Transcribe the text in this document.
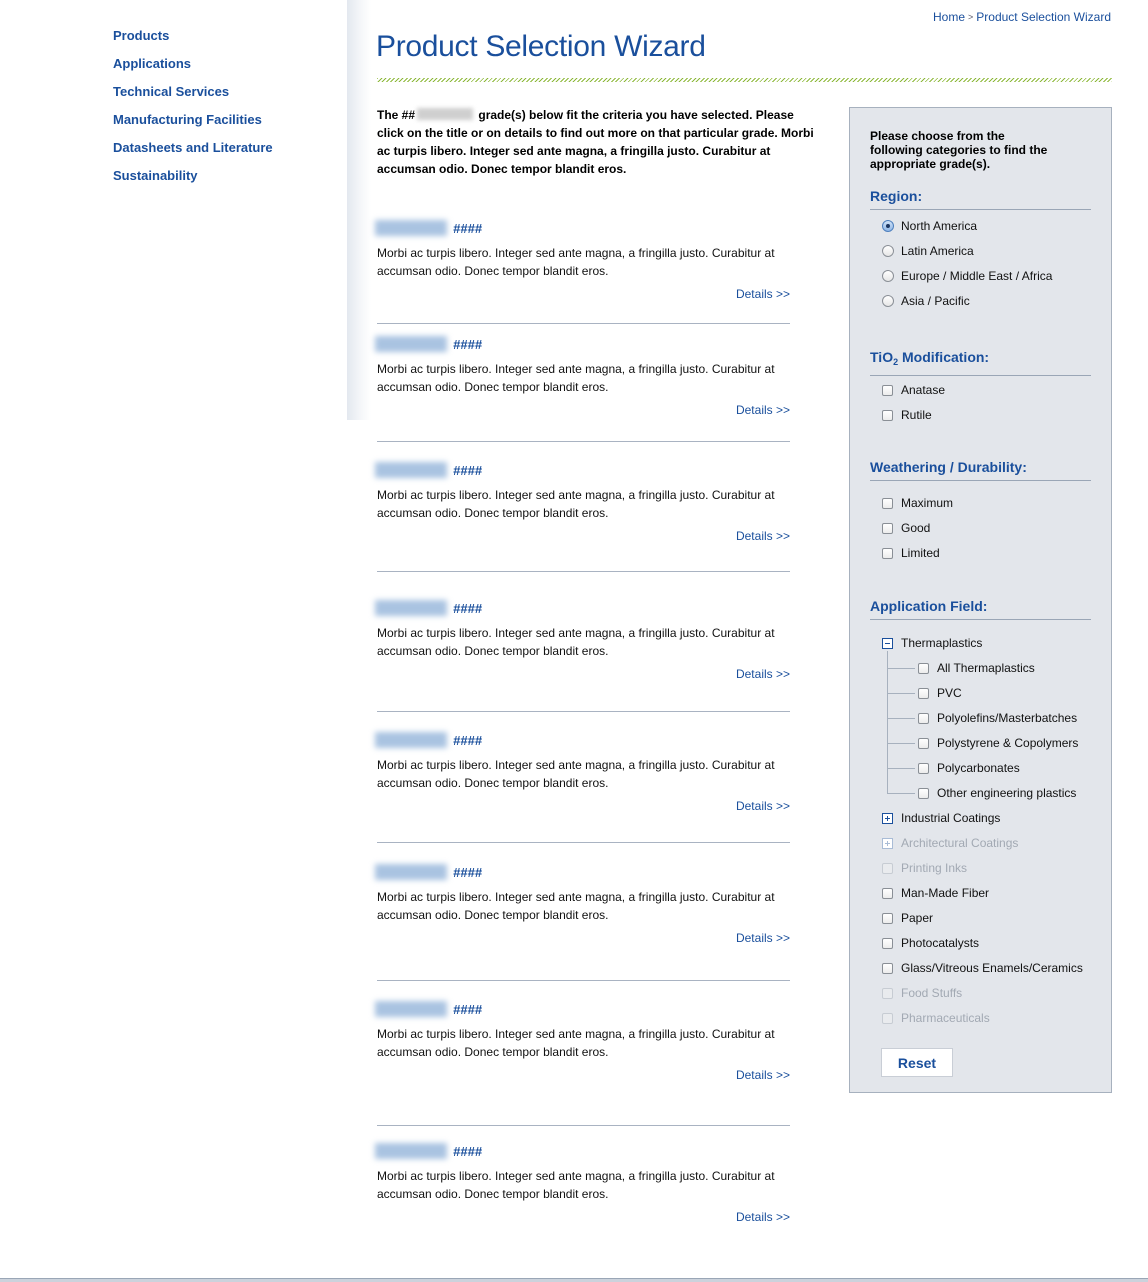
Products
Applications
Technical Services
Manufacturing Facilities
Datasheets and Literature
Sustainability
Home > Product Selection Wizard
Product Selection Wizard

The ##	grade(s) below fit the criteria you have selected. Please click on the title or on details to find out more on that particular grade. Morbi ac turpis libero. Integer sed ante magna, a fringilla justo. Curabitur at accumsan odio. Donec tempor blandit eros.

####

Morbi ac turpis libero. Integer sed ante magna, a fringilla justo. Curabitur at accumsan odio. Donec tempor blandit eros.

Details >>
####

Morbi ac turpis libero. Integer sed ante magna, a fringilla justo. Curabitur at accumsan odio. Donec tempor blandit eros.

Details >>
####

Morbi ac turpis libero. Integer sed ante magna, a fringilla justo. Curabitur at accumsan odio. Donec tempor blandit eros.

Details >>
####

Morbi ac turpis libero. Integer sed ante magna, a fringilla justo. Curabitur at accumsan odio. Donec tempor blandit eros.

Details >>
####

Morbi ac turpis libero. Integer sed ante magna, a fringilla justo. Curabitur at accumsan odio. Donec tempor blandit eros.

Details >>
####

Morbi ac turpis libero. Integer sed ante magna, a fringilla justo. Curabitur at accumsan odio. Donec tempor blandit eros.

Details >>
####

Morbi ac turpis libero. Integer sed ante magna, a fringilla justo. Curabitur at accumsan odio. Donec tempor blandit eros.

Details >>
####

Morbi ac turpis libero. Integer sed ante magna, a fringilla justo. Curabitur at accumsan odio. Donec tempor blandit eros.

Details >>

Please choose from the following categories to find the appropriate grade(s).

Region:
North America
Latin America
Europe / Middle East / Africa
Asia / Pacific
TiO$_2$ Modification:
Anatase
Rutile
Weathering / Durability:
Maximum
Good
Limited
Application Field:
Thermaplastics
All Thermaplastics
PVC
Polyolefins/Masterbatches
Polystyrene & Copolymers
Polycarbonates
Other engineering plastics
Industrial Coatings
Architectural Coatings
Printing Inks
Man-Made Fiber
Paper
Photocatalysts
Glass/Vitreous Enamels/Ceramics
Food Stuffs
Pharmaceuticals
Reset
